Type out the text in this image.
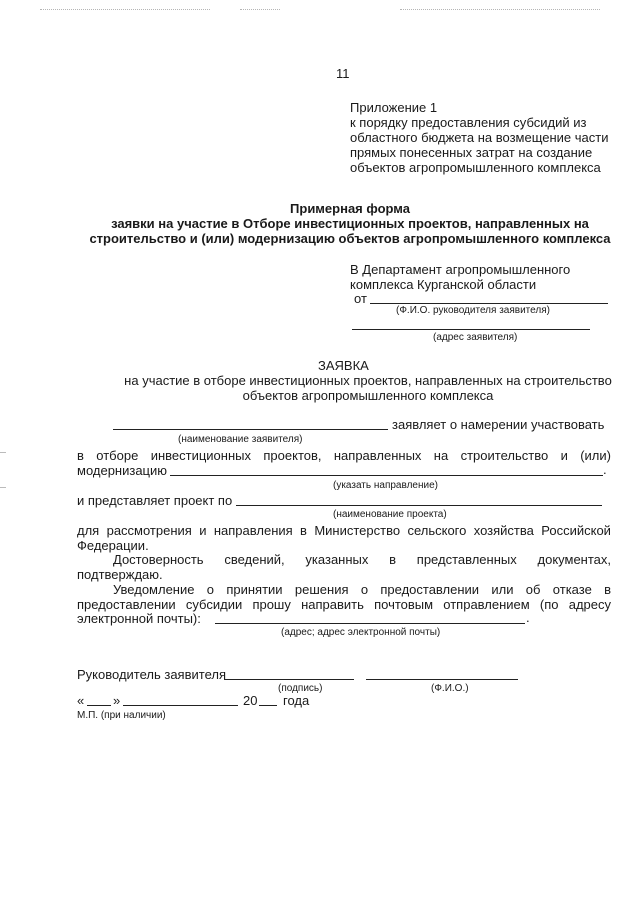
11
Приложение 1
к порядку предоставления субсидий из
областного бюджета на возмещение части
прямых понесенных затрат на создание
объектов агропромышленного комплекса
Примерная форма
заявки на участие в Отборе инвестиционных проектов, направленных на
строительство и (или) модернизацию объектов агропромышленного комплекса
В Департамент агропромышленного
комплекса Курганской области
от
(Ф.И.О. руководителя заявителя)
(адрес заявителя)
ЗАЯВКА
на участие в отборе инвестиционных проектов, направленных на строительство
объектов агропромышленного комплекса
заявляет о намерении участвовать
(наименование заявителя)
в отборе инвестиционных проектов, направленных на строительство и (или)
модернизацию	.
(указать направление)
и представляет проект по
(наименование проекта)
для рассмотрения и направления в Министерство сельского хозяйства Российской
Федерации.
Достоверность сведений, указанных в представленных документах,
подтверждаю.
Уведомление о принятии решения о предоставлении или об отказе в
предоставлении субсидии прошу направить почтовым отправлением (по адресу
электронной почты):	.
(адрес; адрес электронной почты)
Руководитель заявителя
(подпись)	(Ф.И.О.)
« »	20 года
М.П. (при наличии)
